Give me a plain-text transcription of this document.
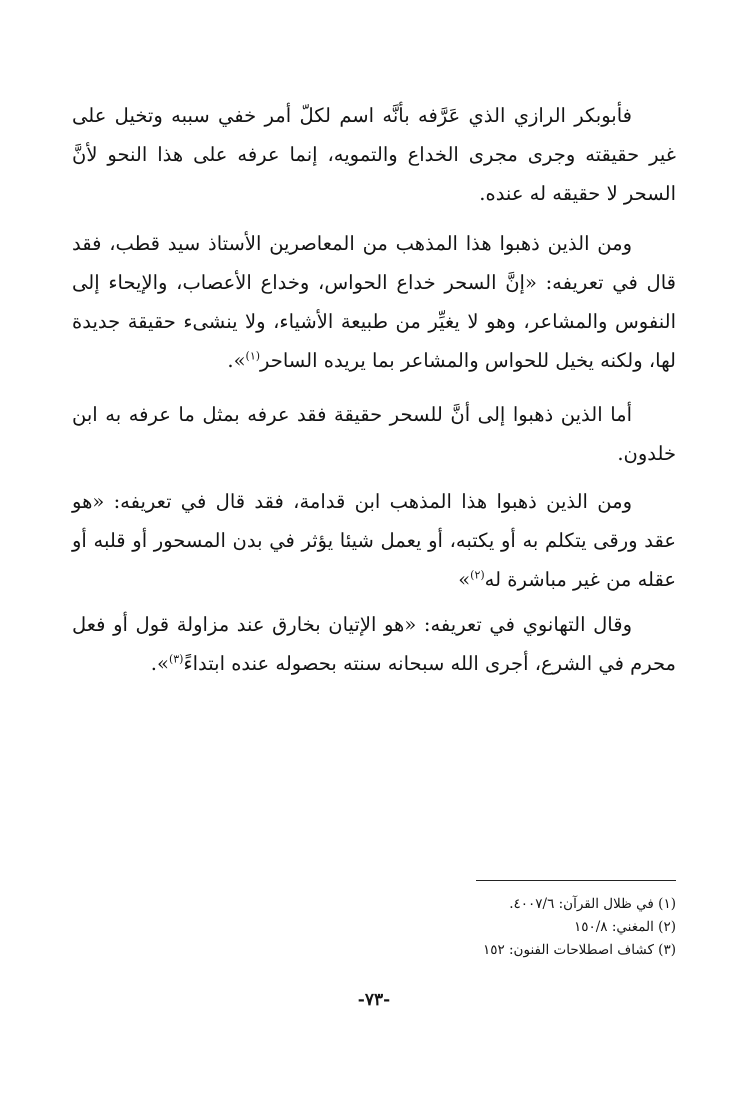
فأبوبكر الرازي الذي عَرَّفه بأنَّه اسم لكلّ أمر خفي سببه وتخيل على غير حقيقته وجرى مجرى الخداع والتمويه، إنما عرفه على هذا النحو لأنَّ السحر لا حقيقه له عنده.

ومن الذين ذهبوا هذا المذهب من المعاصرين الأستاذ سيد قطب، فقد قال في تعريفه: «إنَّ السحر خداع الحواس، وخداع الأعصاب، والإيحاء إلى النفوس والمشاعر، وهو لا يغيِّر من طبيعة الأشياء، ولا ينشىء حقيقة جديدة لها، ولكنه يخيل للحواس والمشاعر بما يريده الساحر$^{(١)}$».

أما الذين ذهبوا إلى أنَّ للسحر حقيقة فقد عرفه بمثل ما عرفه به ابن خلدون.

ومن الذين ذهبوا هذا المذهب ابن قدامة، فقد قال في تعريفه: «هو عقد ورقى يتكلم به أو يكتبه، أو يعمل شيئا يؤثر في بدن المسحور أو قلبه أو عقله من غير مباشرة له$^{(٢)}$»

وقال التهانوي في تعريفه: «هو الإتيان بخارق عند مزاولة قول أو فعل محرم في الشرع، أجرى الله سبحانه سنته بحصوله عنده ابتداءً$^{(٣)}$».

(١) في ظلال القرآن: ٤٠٠٧/٦.
(٢) المغني: ١٥٠/٨
(٣) كشاف اصطلاحات الفنون: ١٥٢
-٧٣-
